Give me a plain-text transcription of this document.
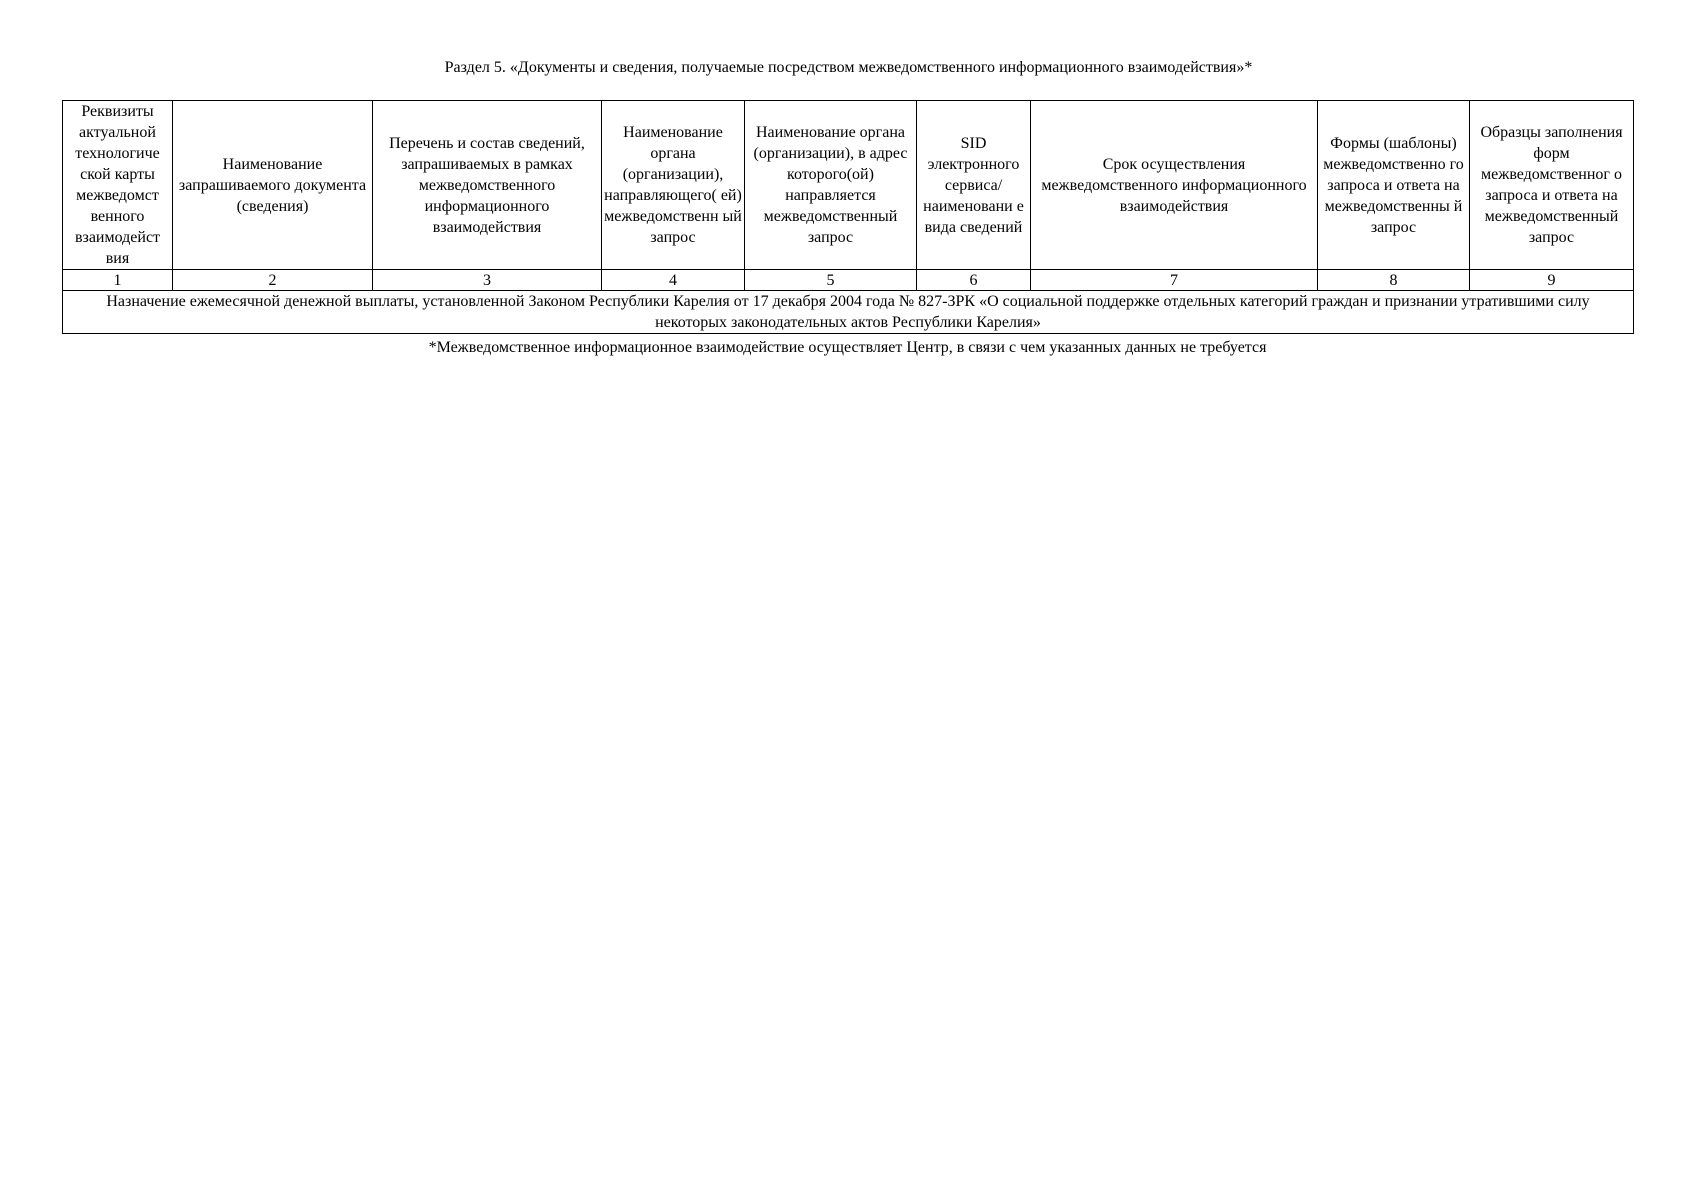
Раздел 5. «Документы и сведения, получаемые посредством межведомственного информационного взаимодействия»*
Реквизиты актуальной технологиче ской карты межведомст венного взаимодейст вия	Наименование запрашиваемого документа (сведения)	Перечень и состав сведений, запрашиваемых в рамках межведомственного информационного взаимодействия	Наименование органа (организации), направляющего( ей) межведомственн ый запрос	Наименование органа (организации), в адрес которого(ой) направляется межведомственный запрос	SID электронного сервиса/ наименовани е вида сведений	Срок осуществления межведомственного информационного взаимодействия	Формы (шаблоны) межведомственно го запроса и ответа на межведомственны й запрос	Образцы заполнения форм межведомственног о запроса и ответа на межведомственный запрос
1	2	3	4	5	6	7	8	9
Назначение ежемесячной денежной выплаты, установленной Законом Республики Карелия от 17 декабря 2004 года № 827-ЗРК «О социальной поддержке отдельных категорий граждан и признании утратившими силу некоторых законодательных актов Республики Карелия»								
*Межведомственное информационное взаимодействие осуществляет Центр, в связи с чем указанных данных не требуется
